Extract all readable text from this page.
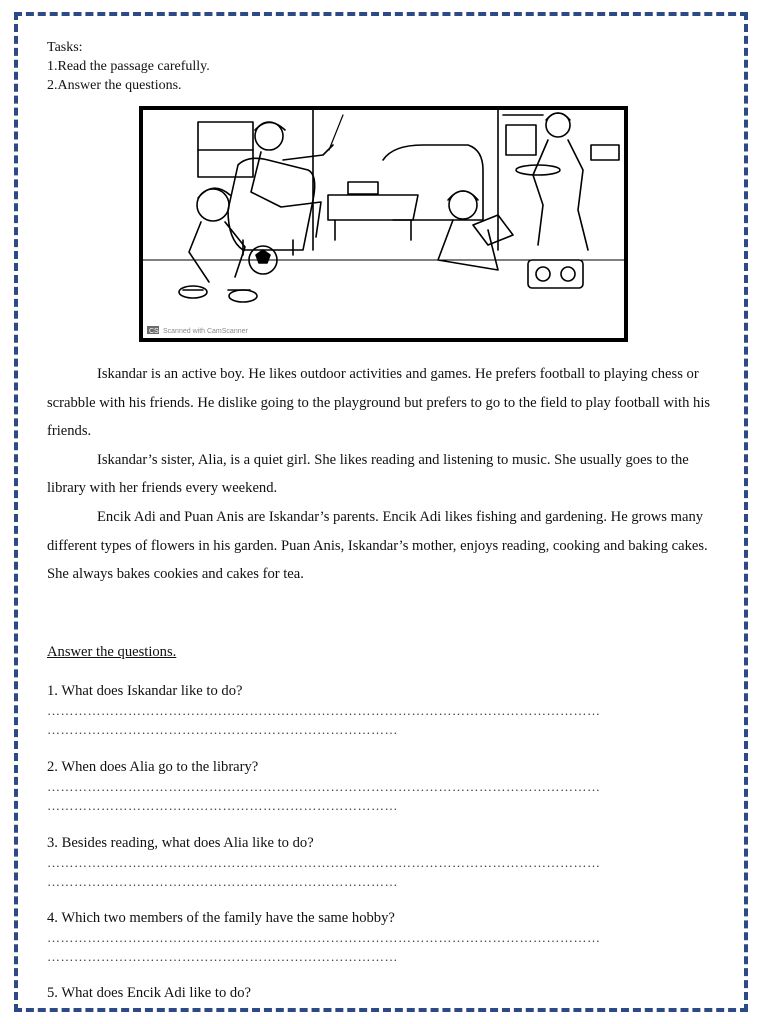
Tasks:
1.Read the passage carefully.
2.Answer the questions.
CS Scanned with CamScanner

Iskandar is an active boy. He likes outdoor activities and games. He prefers football to playing chess or scrabble with his friends. He dislike going to the playground but prefers to go to the field to play football with his friends.

Iskandar’s sister, Alia, is a quiet girl. She likes reading and listening to music. She usually goes to the library with her friends every weekend.

Encik Adi and Puan Anis are Iskandar’s parents. Encik Adi likes fishing and gardening. He grows many different types of flowers in his garden. Puan Anis, Iskandar’s mother, enjoys reading, cooking and baking cakes. She always bakes cookies and cakes for tea.

Answer the questions.
1. What does Iskandar like to do?
……………………………………………………………………………………………………………
……………………………………………………………………
2. When does Alia go to the library?
……………………………………………………………………………………………………………
……………………………………………………………………
3. Besides reading, what does Alia like to do?
……………………………………………………………………………………………………………
……………………………………………………………………
4. Which two members of the family have the same hobby?
……………………………………………………………………………………………………………
……………………………………………………………………
5. What does Encik Adi like to do?
